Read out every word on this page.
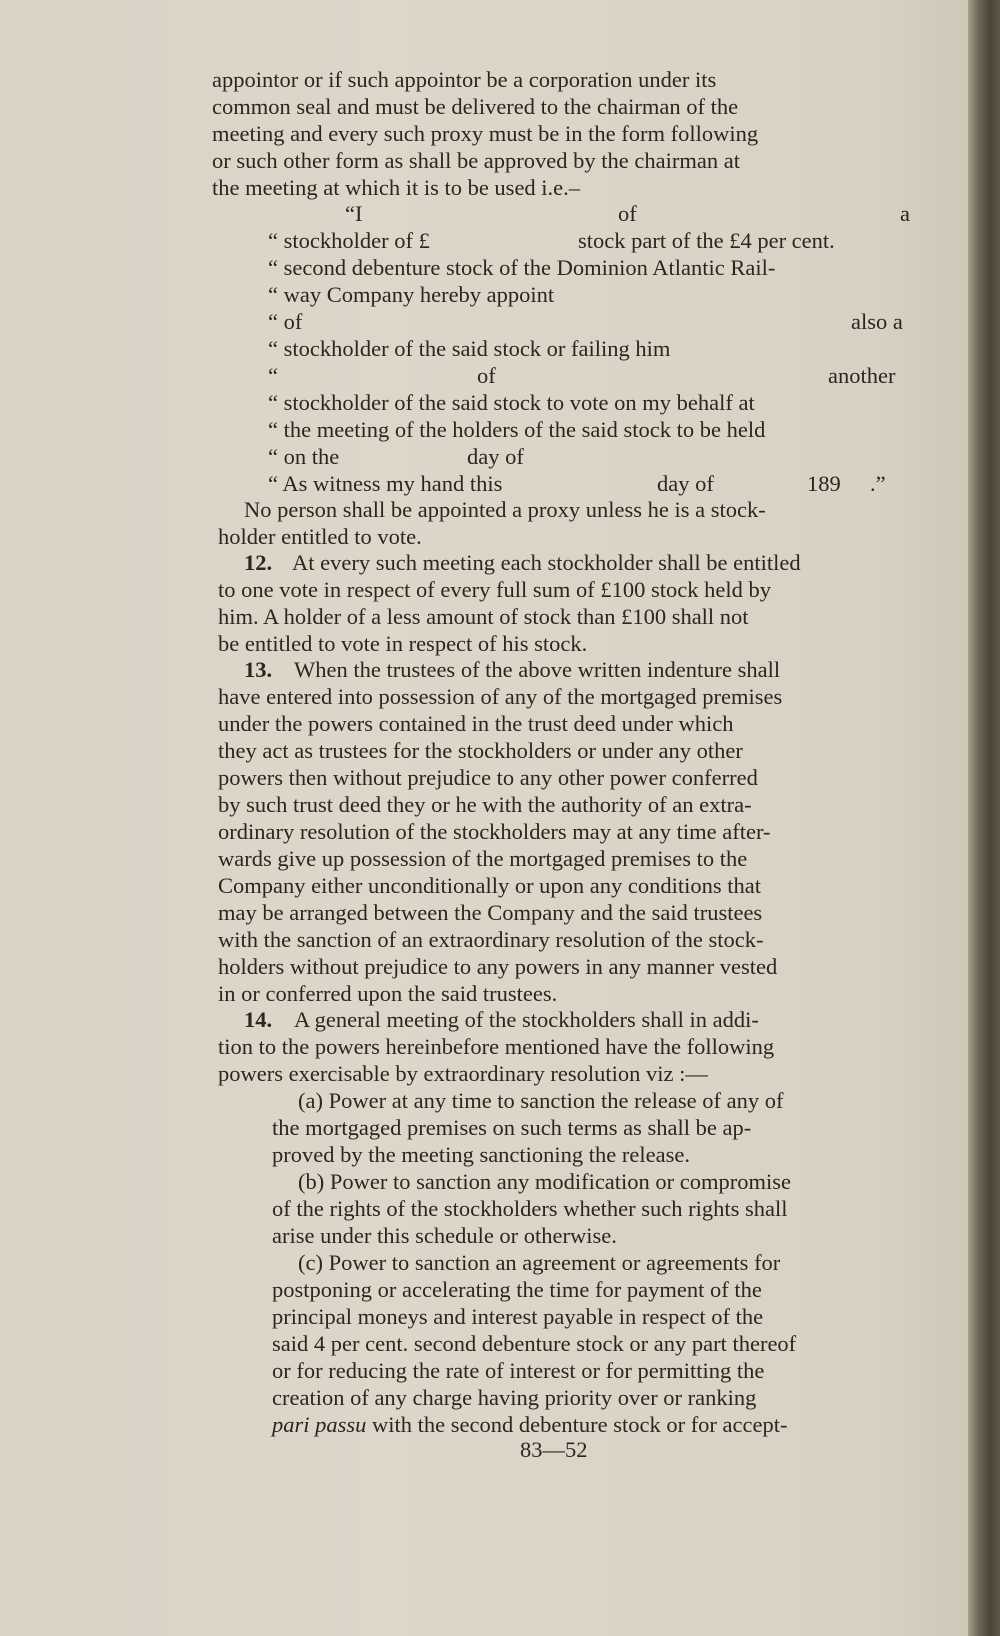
appointor or if such appointor be a corporation under its
common seal and must be delivered to the chairman of the
meeting and every such proxy must be in the form following
or such other form as shall be approved by the chairman at
the meeting at which it is to be used i.e.–
“I	of	a
“ stockholder of £	stock part of the £4 per cent.
“ second debenture stock of the Dominion Atlantic Rail-
“ way Company hereby appoint
“ of	also a
“ stockholder of the said stock or failing him
“	of	another
“ stockholder of the said stock to vote on my behalf at
“ the meeting of the holders of the said stock to be held
“ on the	day of
“ As witness my hand this	day of	189 .”
No person shall be appointed a proxy unless he is a stock-
holder entitled to vote.
12. At every such meeting each stockholder shall be entitled
to one vote in respect of every full sum of £100 stock held by
him. A holder of a less amount of stock than £100 shall not
be entitled to vote in respect of his stock.
13. When the trustees of the above written indenture shall
have entered into possession of any of the mortgaged premises
under the powers contained in the trust deed under which
they act as trustees for the stockholders or under any other
powers then without prejudice to any other power conferred
by such trust deed they or he with the authority of an extra-
ordinary resolution of the stockholders may at any time after-
wards give up possession of the mortgaged premises to the
Company either unconditionally or upon any conditions that
may be arranged between the Company and the said trustees
with the sanction of an extraordinary resolution of the stock-
holders without prejudice to any powers in any manner vested
in or conferred upon the said trustees.
14. A general meeting of the stockholders shall in addi-
tion to the powers hereinbefore mentioned have the following
powers exercisable by extraordinary resolution viz :—
(a) Power at any time to sanction the release of any of
the mortgaged premises on such terms as shall be ap-
proved by the meeting sanctioning the release.
(b) Power to sanction any modification or compromise
of the rights of the stockholders whether such rights shall
arise under this schedule or otherwise.
(c) Power to sanction an agreement or agreements for
postponing or accelerating the time for payment of the
principal moneys and interest payable in respect of the
said 4 per cent. second debenture stock or any part thereof
or for reducing the rate of interest or for permitting the
creation of any charge having priority over or ranking
pari passu with the second debenture stock or for accept-
83—52
